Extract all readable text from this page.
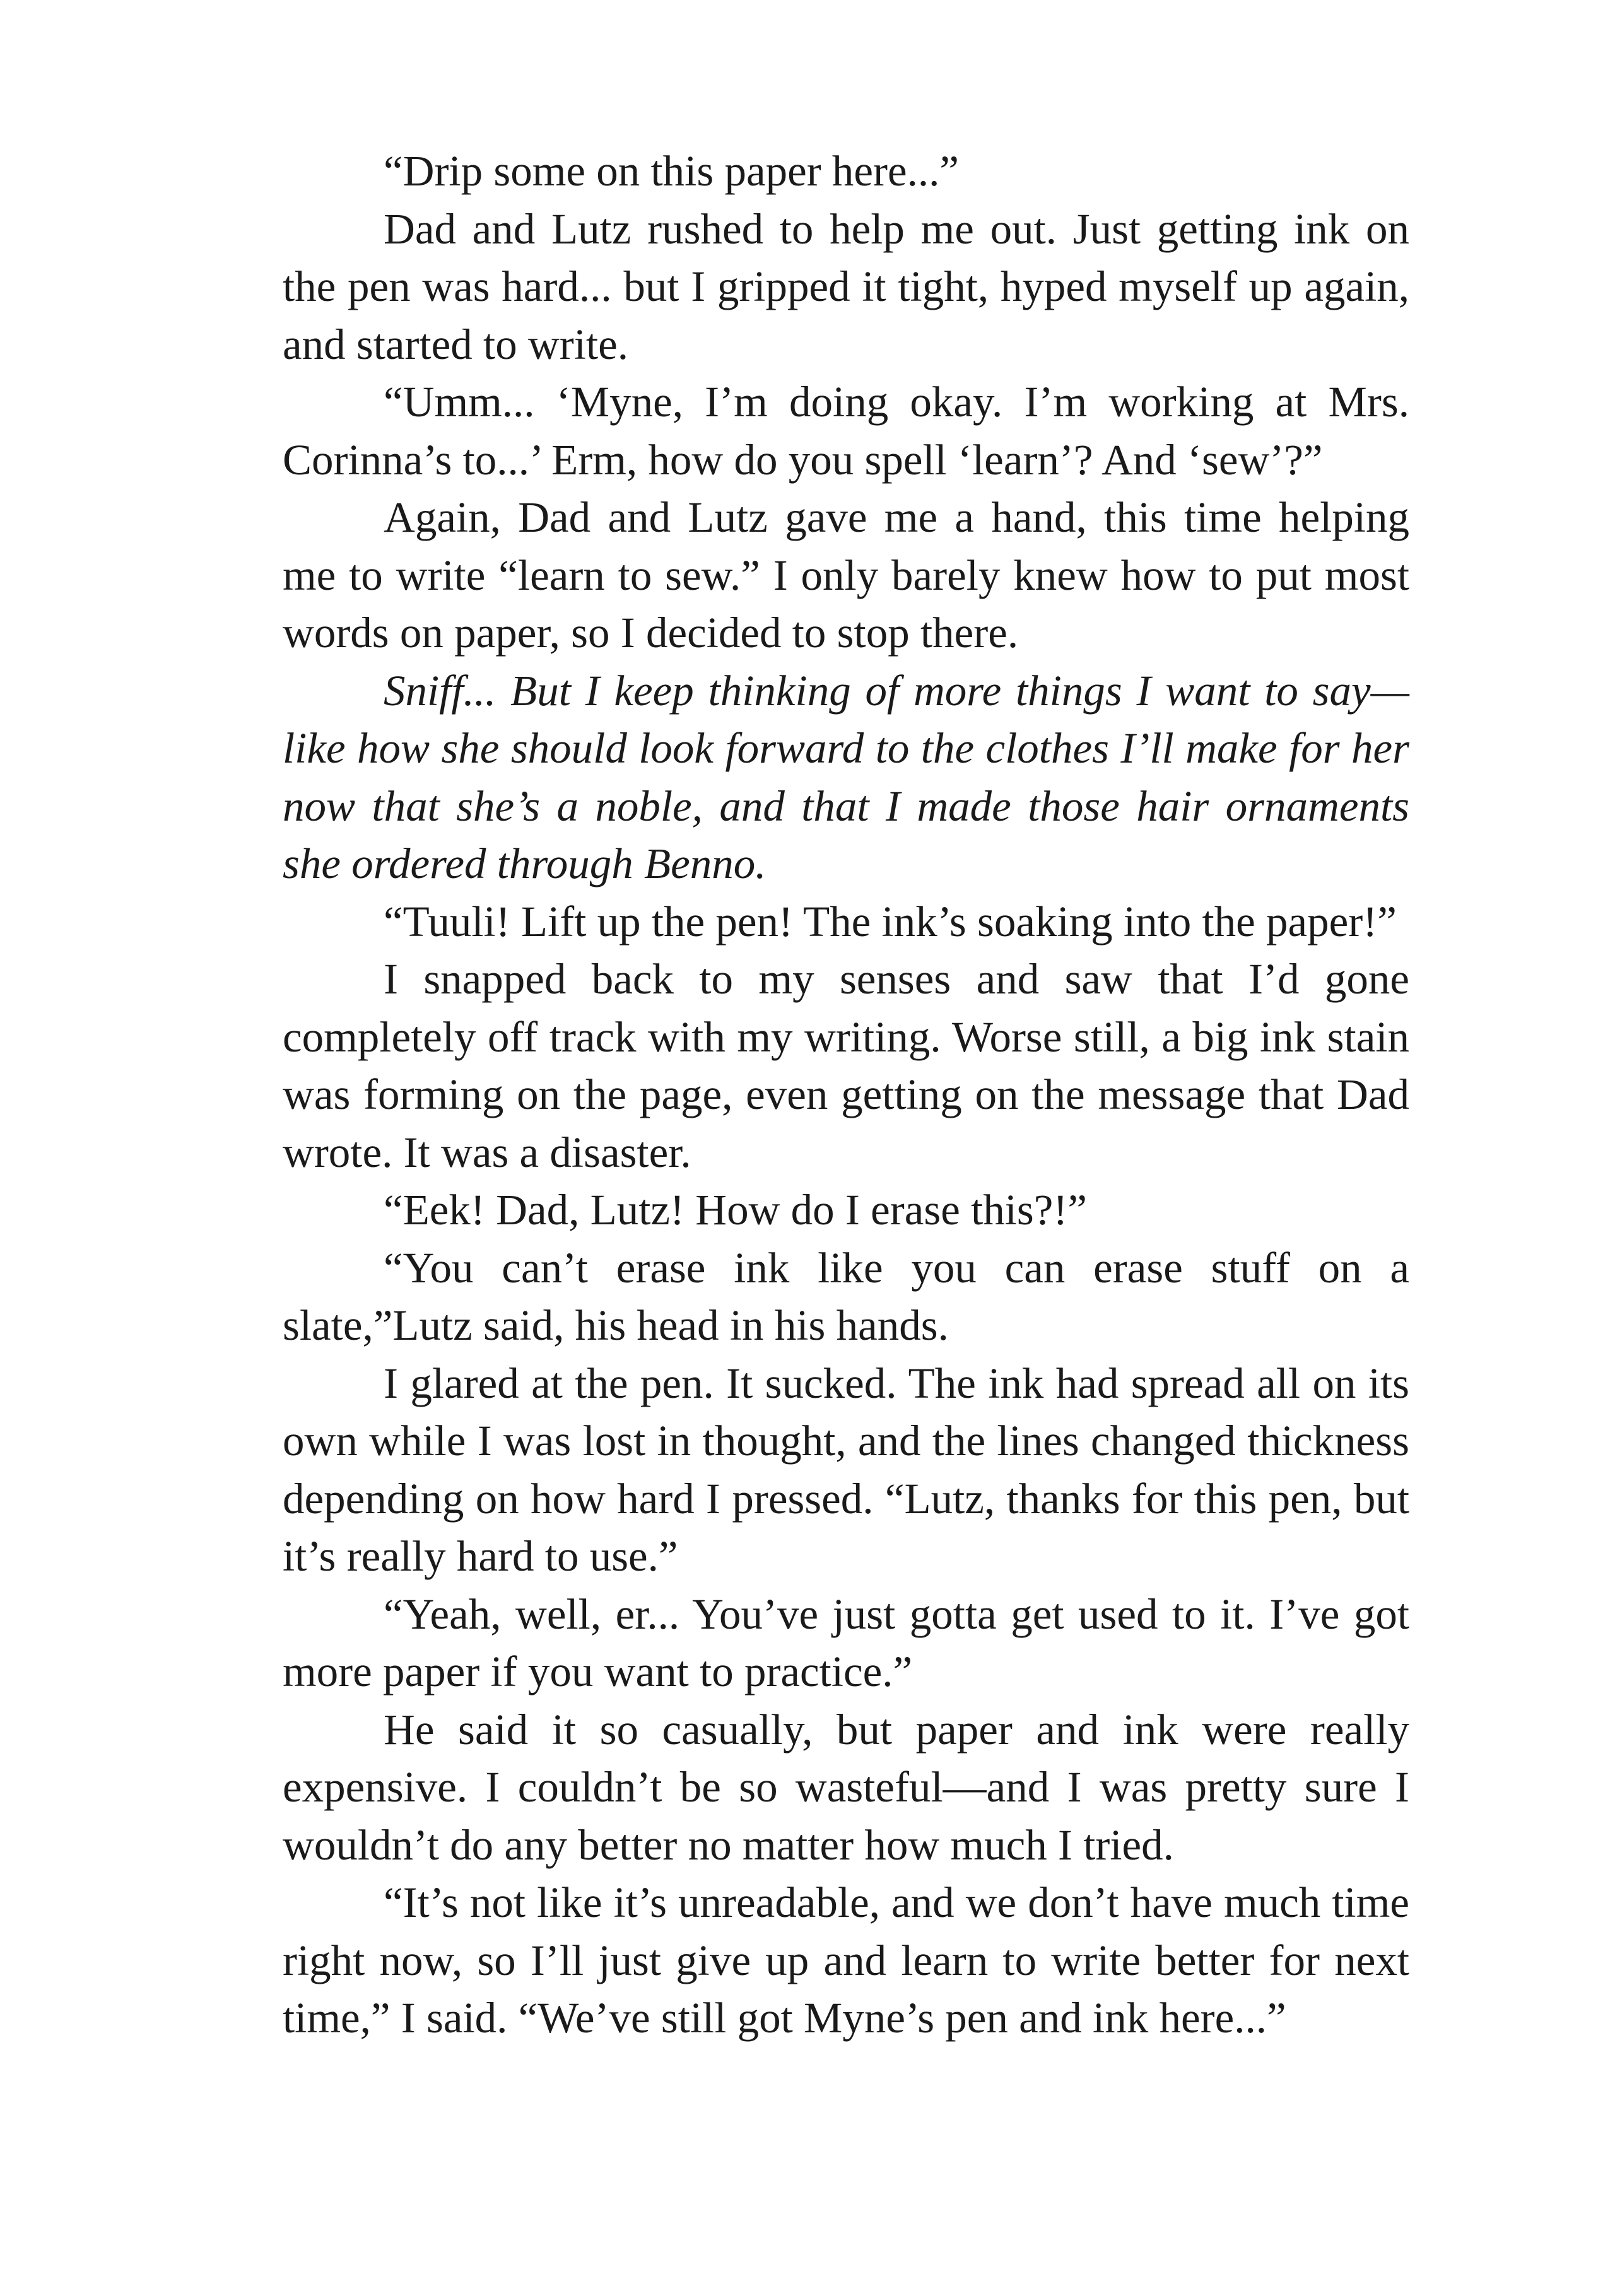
“Drip some on this paper here...”

Dad and Lutz rushed to help me out. Just getting ink on the pen was hard... but I gripped it tight, hyped myself up again, and started to write.

“Umm... ‘Myne, I’m doing okay. I’m working at Mrs. Corinna’s to...’ Erm, how do you spell ‘learn’? And ‘sew’?”

Again, Dad and Lutz gave me a hand, this time helping me to write “learn to sew.” I only barely knew how to put most words on paper, so I decided to stop there.

Sniff... But I keep thinking of more things I want to say—like how she should look forward to the clothes I’ll make for her now that she’s a noble, and that I made those hair ornaments she ordered through Benno.

“Tuuli! Lift up the pen! The ink’s soaking into the paper!”

I snapped back to my senses and saw that I’d gone completely off track with my writing. Worse still, a big ink stain was forming on the page, even getting on the message that Dad wrote. It was a disaster.

“Eek! Dad, Lutz! How do I erase this?!”

“You can’t erase ink like you can erase stuff on a slate,”Lutz said, his head in his hands.

I glared at the pen. It sucked. The ink had spread all on its own while I was lost in thought, and the lines changed thickness depending on how hard I pressed. “Lutz, thanks for this pen, but it’s really hard to use.”

“Yeah, well, er... You’ve just gotta get used to it. I’ve got more paper if you want to practice.”

He said it so casually, but paper and ink were really expensive. I couldn’t be so wasteful—and I was pretty sure I wouldn’t do any better no matter how much I tried.

“It’s not like it’s unreadable, and we don’t have much time right now, so I’ll just give up and learn to write better for next time,” I said. “We’ve still got Myne’s pen and ink here...”
